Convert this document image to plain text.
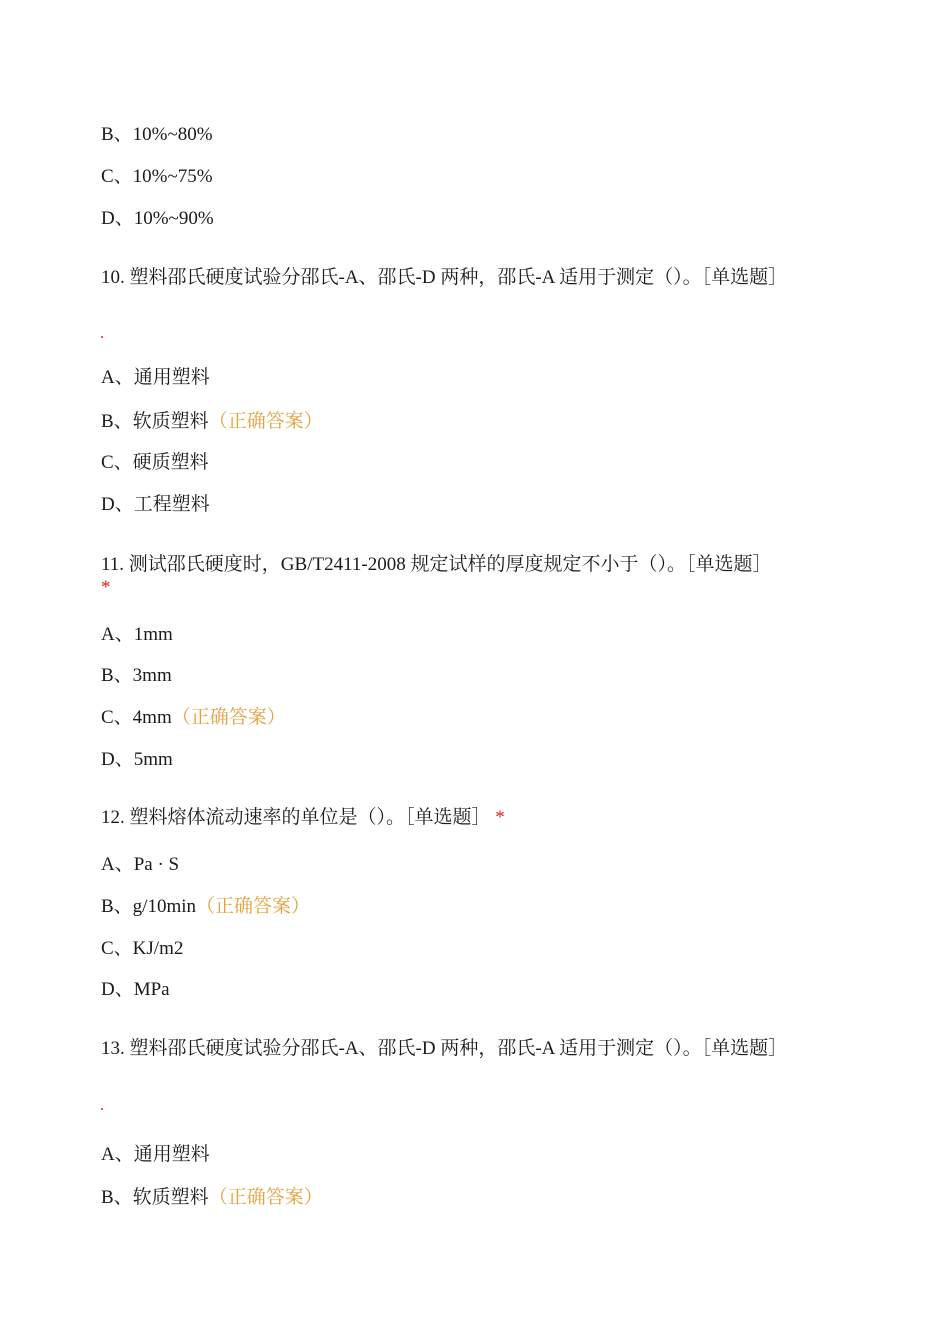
B、10%~80%
C、10%~75%
D、10%~90%
10. 塑料邵氏硬度试验分邵氏-A、邵氏-D 两种，邵氏-A 适用于测定（）。［单选题］
A、通用塑料
B、软质塑料（正确答案）
C、硬质塑料
D、工程塑料
11. 测试邵氏硬度时，GB/T2411-2008 规定试样的厚度规定不小于（）。［单选题］
*
A、1mm
B、3mm
C、4mm（正确答案）
D、5mm
12. 塑料熔体流动速率的单位是（）。［单选题］ *
A、Pa · S
B、g/10min（正确答案）
C、KJ/m2
D、MPa
13. 塑料邵氏硬度试验分邵氏-A、邵氏-D 两种，邵氏-A 适用于测定（）。［单选题］
A、通用塑料
B、软质塑料（正确答案）
